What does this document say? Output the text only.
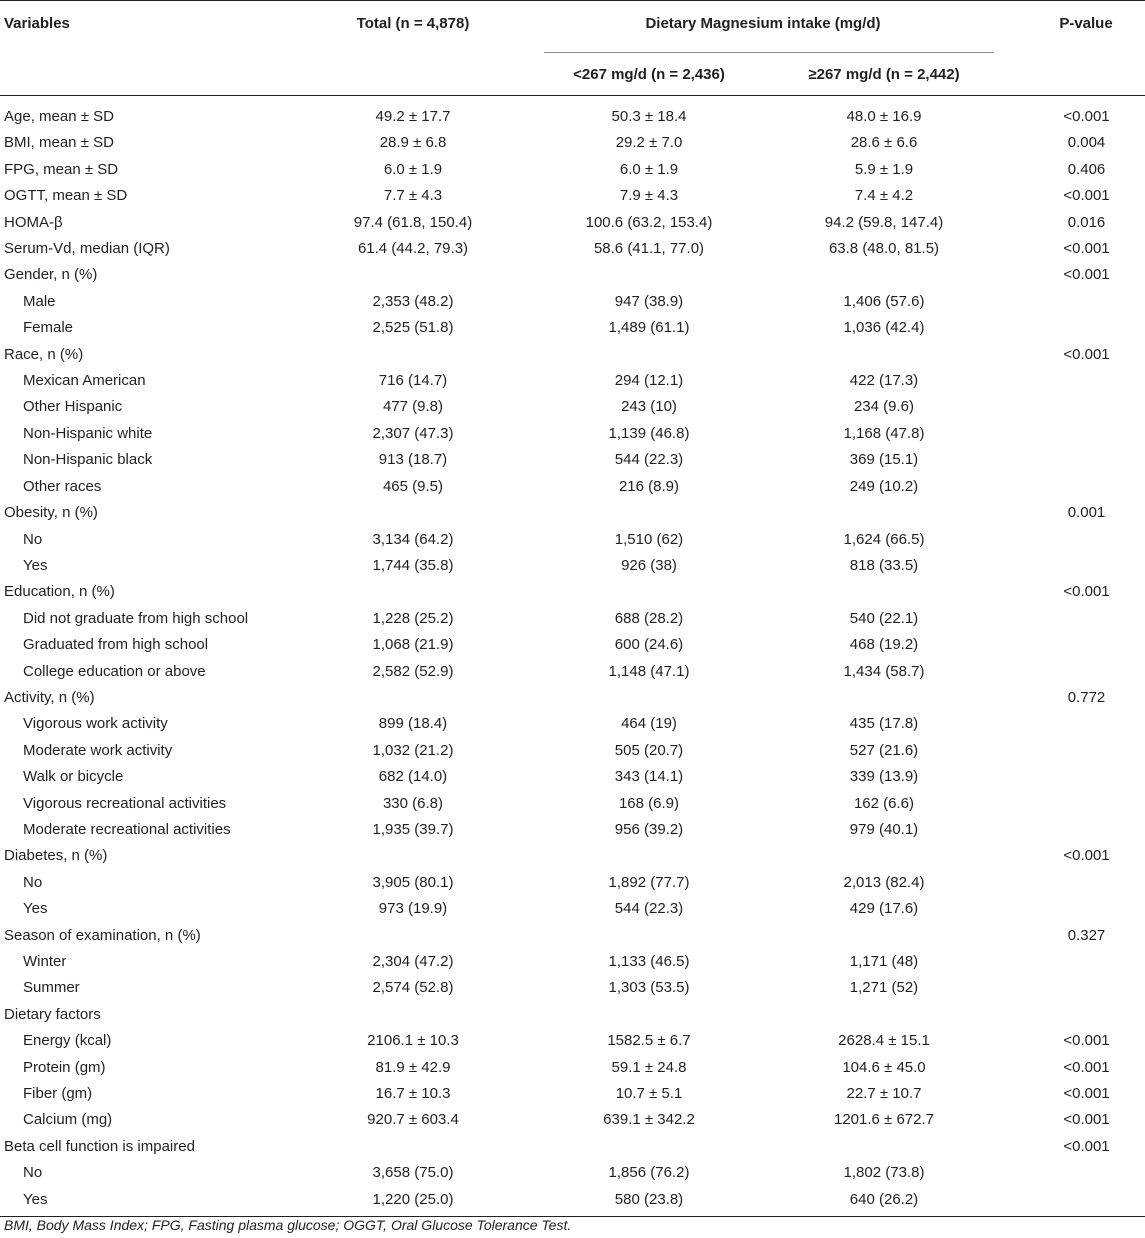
Variables	Total (n = 4,878)	Dietary Magnesium intake (mg/d)		P-value
		<267 mg/d (n = 2,436)	≥267 mg/d (n = 2,442)	
Age, mean ± SD	49.2 ± 17.7	50.3 ± 18.4	48.0 ± 16.9	<0.001
BMI, mean ± SD	28.9 ± 6.8	29.2 ± 7.0	28.6 ± 6.6	0.004
FPG, mean ± SD	6.0 ± 1.9	6.0 ± 1.9	5.9 ± 1.9	0.406
OGTT, mean ± SD	7.7 ± 4.3	7.9 ± 4.3	7.4 ± 4.2	<0.001
HOMA-β	97.4 (61.8, 150.4)	100.6 (63.2, 153.4)	94.2 (59.8, 147.4)	0.016
Serum-Vd, median (IQR)	61.4 (44.2, 79.3)	58.6 (41.1, 77.0)	63.8 (48.0, 81.5)	<0.001
Gender, n (%)				<0.001
Male	2,353 (48.2)	947 (38.9)	1,406 (57.6)	
Female	2,525 (51.8)	1,489 (61.1)	1,036 (42.4)	
Race, n (%)				<0.001
Mexican American	716 (14.7)	294 (12.1)	422 (17.3)	
Other Hispanic	477 (9.8)	243 (10)	234 (9.6)	
Non-Hispanic white	2,307 (47.3)	1,139 (46.8)	1,168 (47.8)	
Non-Hispanic black	913 (18.7)	544 (22.3)	369 (15.1)	
Other races	465 (9.5)	216 (8.9)	249 (10.2)	
Obesity, n (%)				0.001
No	3,134 (64.2)	1,510 (62)	1,624 (66.5)	
Yes	1,744 (35.8)	926 (38)	818 (33.5)	
Education, n (%)				<0.001
Did not graduate from high school	1,228 (25.2)	688 (28.2)	540 (22.1)	
Graduated from high school	1,068 (21.9)	600 (24.6)	468 (19.2)	
College education or above	2,582 (52.9)	1,148 (47.1)	1,434 (58.7)	
Activity, n (%)				0.772
Vigorous work activity	899 (18.4)	464 (19)	435 (17.8)	
Moderate work activity	1,032 (21.2)	505 (20.7)	527 (21.6)	
Walk or bicycle	682 (14.0)	343 (14.1)	339 (13.9)	
Vigorous recreational activities	330 (6.8)	168 (6.9)	162 (6.6)	
Moderate recreational activities	1,935 (39.7)	956 (39.2)	979 (40.1)	
Diabetes, n (%)				<0.001
No	3,905 (80.1)	1,892 (77.7)	2,013 (82.4)	
Yes	973 (19.9)	544 (22.3)	429 (17.6)	
Season of examination, n (%)				0.327
Winter	2,304 (47.2)	1,133 (46.5)	1,171 (48)	
Summer	2,574 (52.8)	1,303 (53.5)	1,271 (52)	
Dietary factors				
Energy (kcal)	2106.1 ± 10.3	1582.5 ± 6.7	2628.4 ± 15.1	<0.001
Protein (gm)	81.9 ± 42.9	59.1 ± 24.8	104.6 ± 45.0	<0.001
Fiber (gm)	16.7 ± 10.3	10.7 ± 5.1	22.7 ± 10.7	<0.001
Calcium (mg)	920.7 ± 603.4	639.1 ± 342.2	1201.6 ± 672.7	<0.001
Beta cell function is impaired				<0.001
No	3,658 (75.0)	1,856 (76.2)	1,802 (73.8)	
Yes	1,220 (25.0)	580 (23.8)	640 (26.2)	
BMI, Body Mass Index; FPG, Fasting plasma glucose; OGGT, Oral Glucose Tolerance Test.
